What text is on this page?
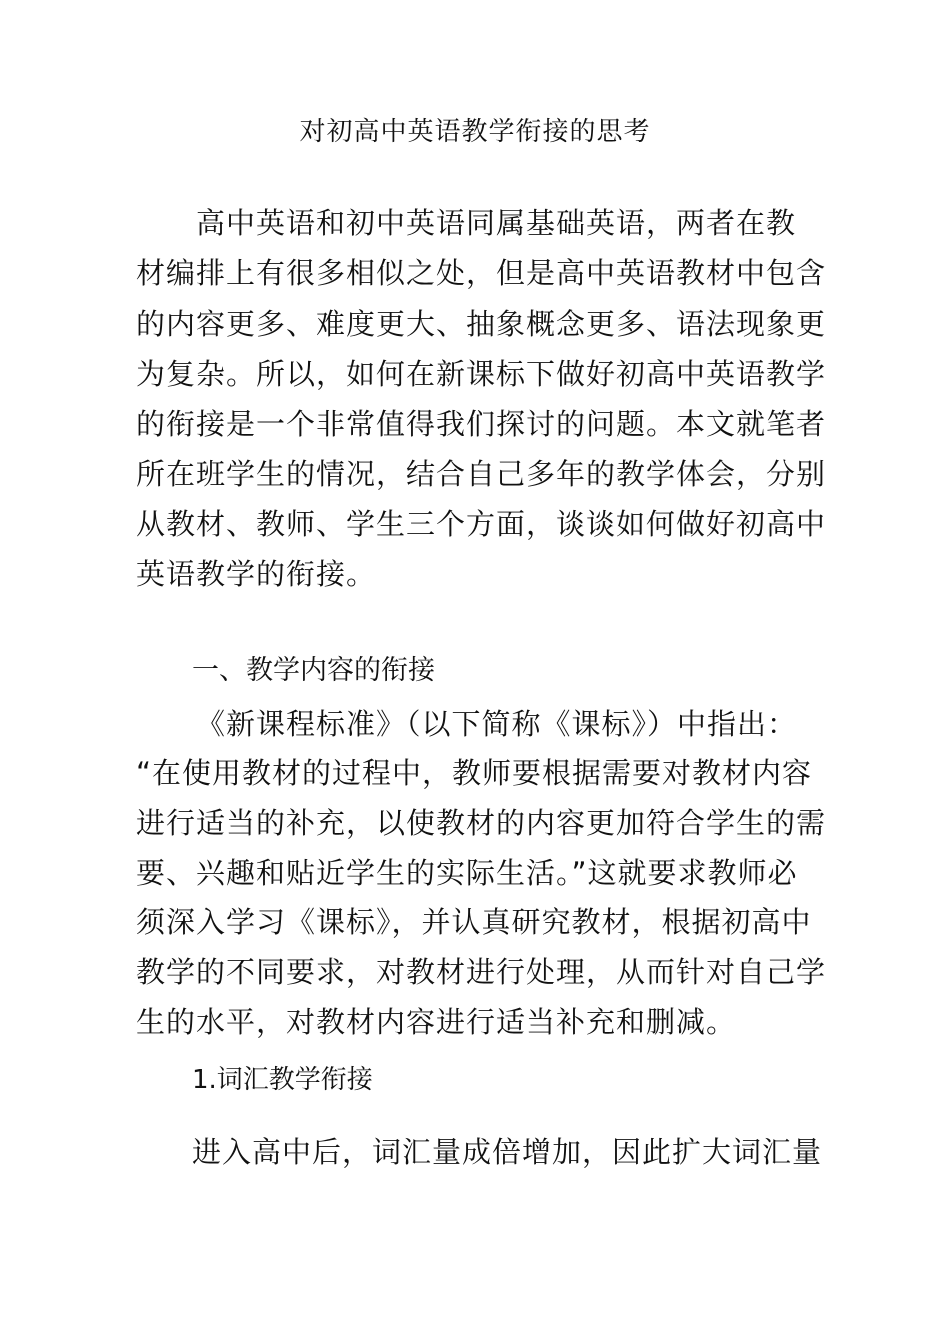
对初高中英语教学衔接的思考

　　高中英语和初中英语同属基础英语，两者在教

材编排上有很多相似之处，但是高中英语教材中包含

的内容更多、难度更大、抽象概念更多、语法现象更

为复杂。所以，如何在新课标下做好初高中英语教学

的衔接是一个非常值得我们探讨的问题。本文就笔者

所在班学生的情况，结合自己多年的教学体会，分别

从教材、教师、学生三个方面，谈谈如何做好初高中

英语教学的衔接。

一、教学内容的衔接

《新课程标准》（以下简称《课标》）中指出：

“在使用教材的过程中，教师要根据需要对教材内容

进行适当的补充，以使教材的内容更加符合学生的需

要、兴趣和贴近学生的实际生活。”这就要求教师必

须深入学习《课标》，并认真研究教材，根据初高中

教学的不同要求，对教材进行处理，从而针对自己学

生的水平，对教材内容进行适当补充和删减。

1.词汇教学衔接

进入高中后，词汇量成倍增加，因此扩大词汇量
